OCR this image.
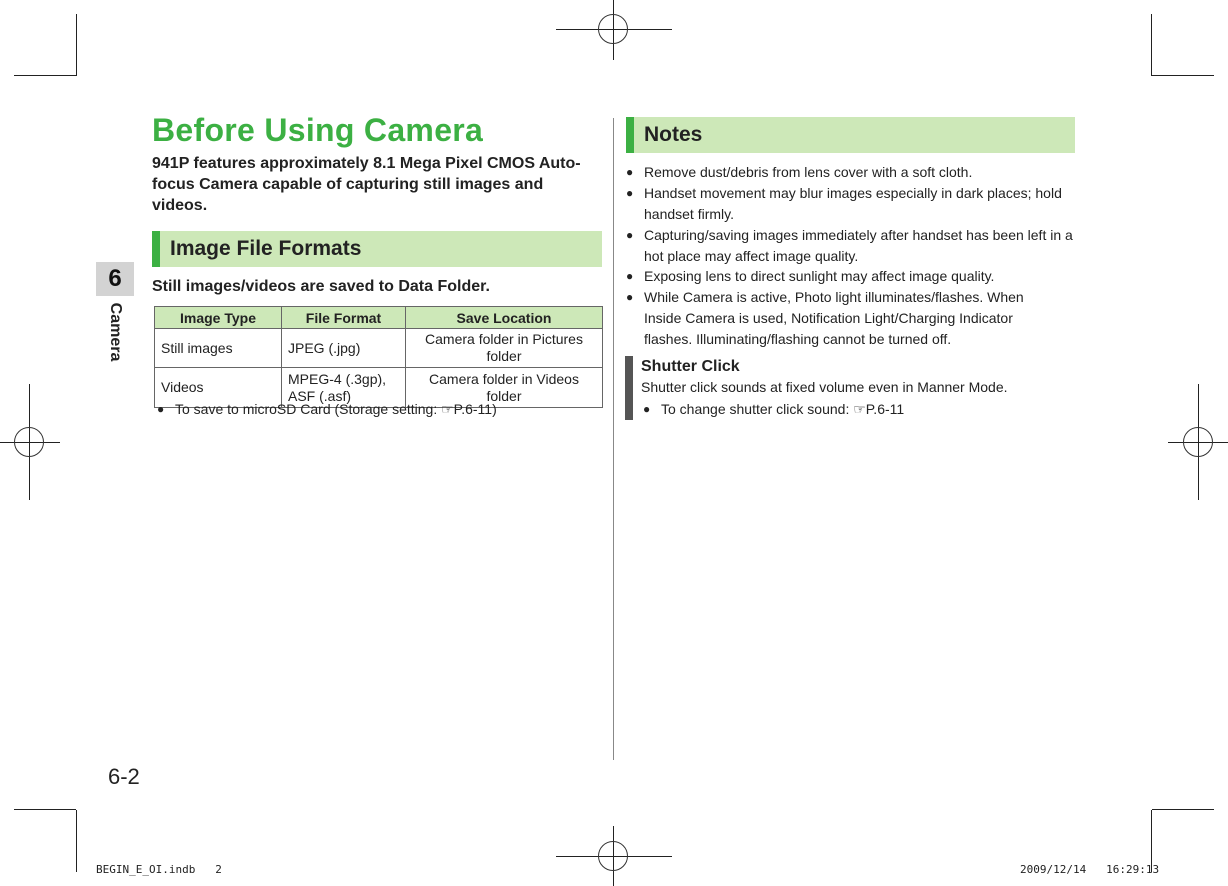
6
Camera
6-2
Before Using Camera
941P features approximately 8.1 Mega Pixel CMOS Auto-focus Camera capable of capturing still images and videos.
Image File Formats
Still images/videos are saved to Data Folder.
Image Type	File Format	Save Location
Still images	JPEG (.jpg)	Camera folder in Pictures folder
Videos	MPEG-4 (.3gp), ASF (.asf)	Camera folder in Videos folder
● To save to microSD Card (Storage setting: ☞P.6-11)
Notes
● Remove dust/debris from lens cover with a soft cloth.
● Handset movement may blur images especially in dark places; hold handset firmly.
● Capturing/saving images immediately after handset has been left in a hot place may affect image quality.
● Exposing lens to direct sunlight may affect image quality.
● While Camera is active, Photo light illuminates/flashes. When Inside Camera is used, Notification Light/Charging Indicator flashes. Illuminating/flashing cannot be turned off.
Shutter Click
Shutter click sounds at fixed volume even in Manner Mode.
● To change shutter click sound: ☞P.6-11
BEGIN_E_OI.indb   2	2009/12/14   16:29:13
